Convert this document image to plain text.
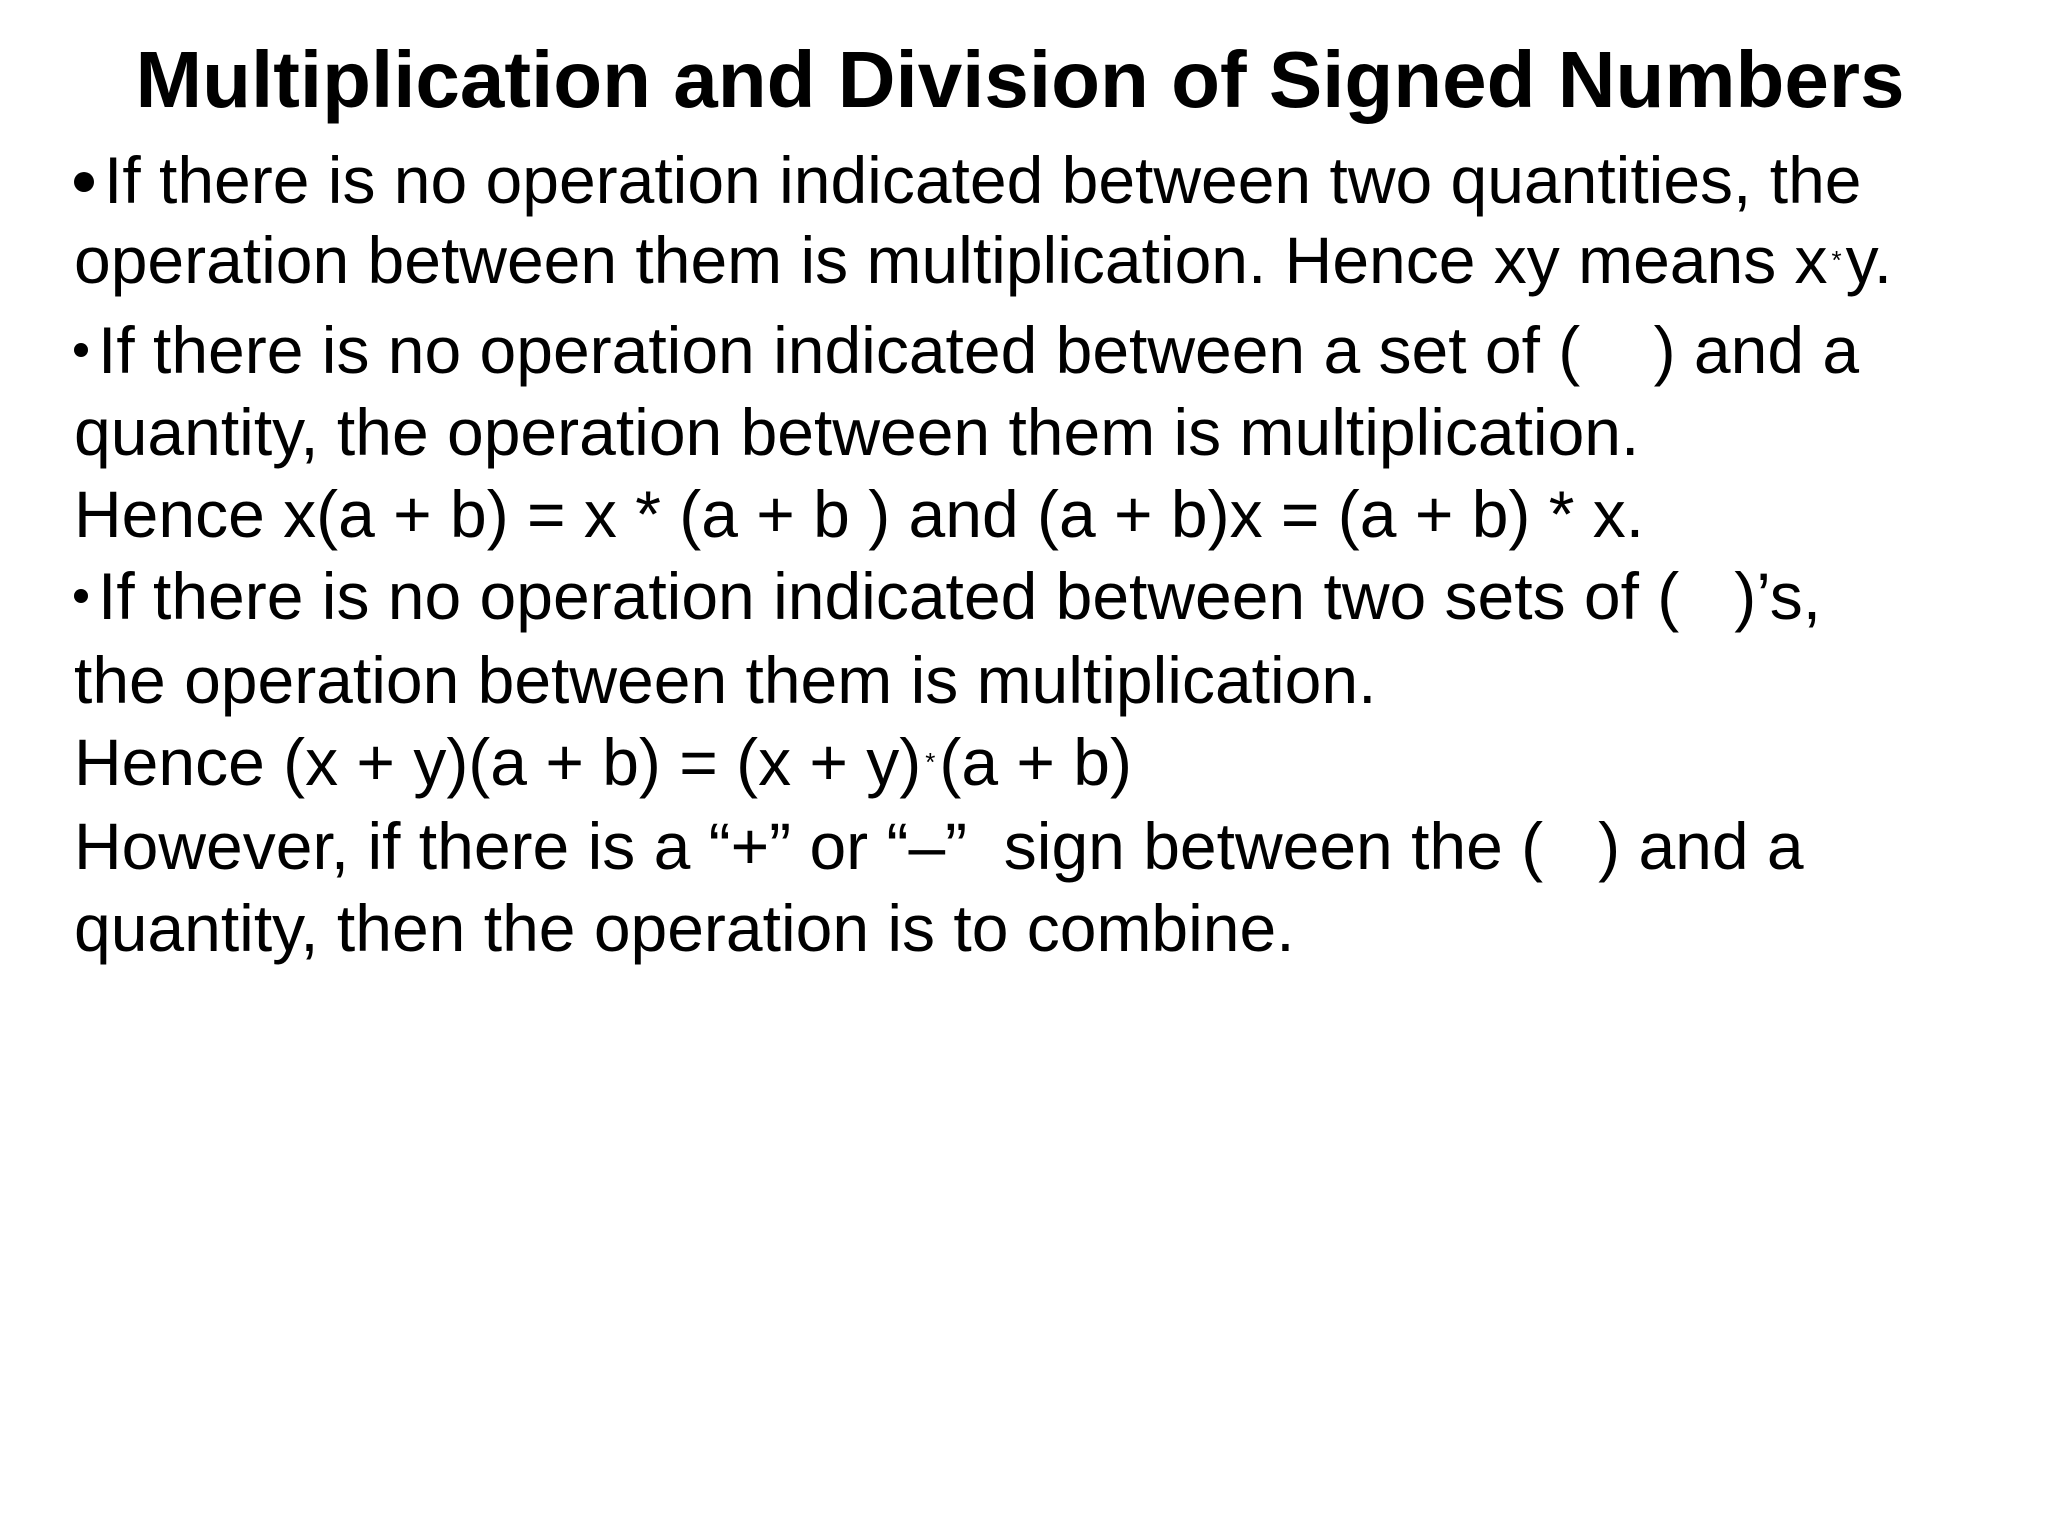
Multiplication and Division of Signed Numbers
If there is no operation indicated between two quantities, the
operation between them is multiplication. Hence xy means x *y.
If there is no operation indicated between a set of (    ) and a
quantity, the operation between them is multiplication.
Hence x(a + b) = x * (a + b ) and (a + b)x = (a + b) * x.
If there is no operation indicated between two sets of (   )’s,
the operation between them is multiplication.
Hence (x + y)(a + b) = (x + y) *(a + b)
However, if there is a “+” or “–”  sign between the (   ) and a
quantity, then the operation is to combine.
